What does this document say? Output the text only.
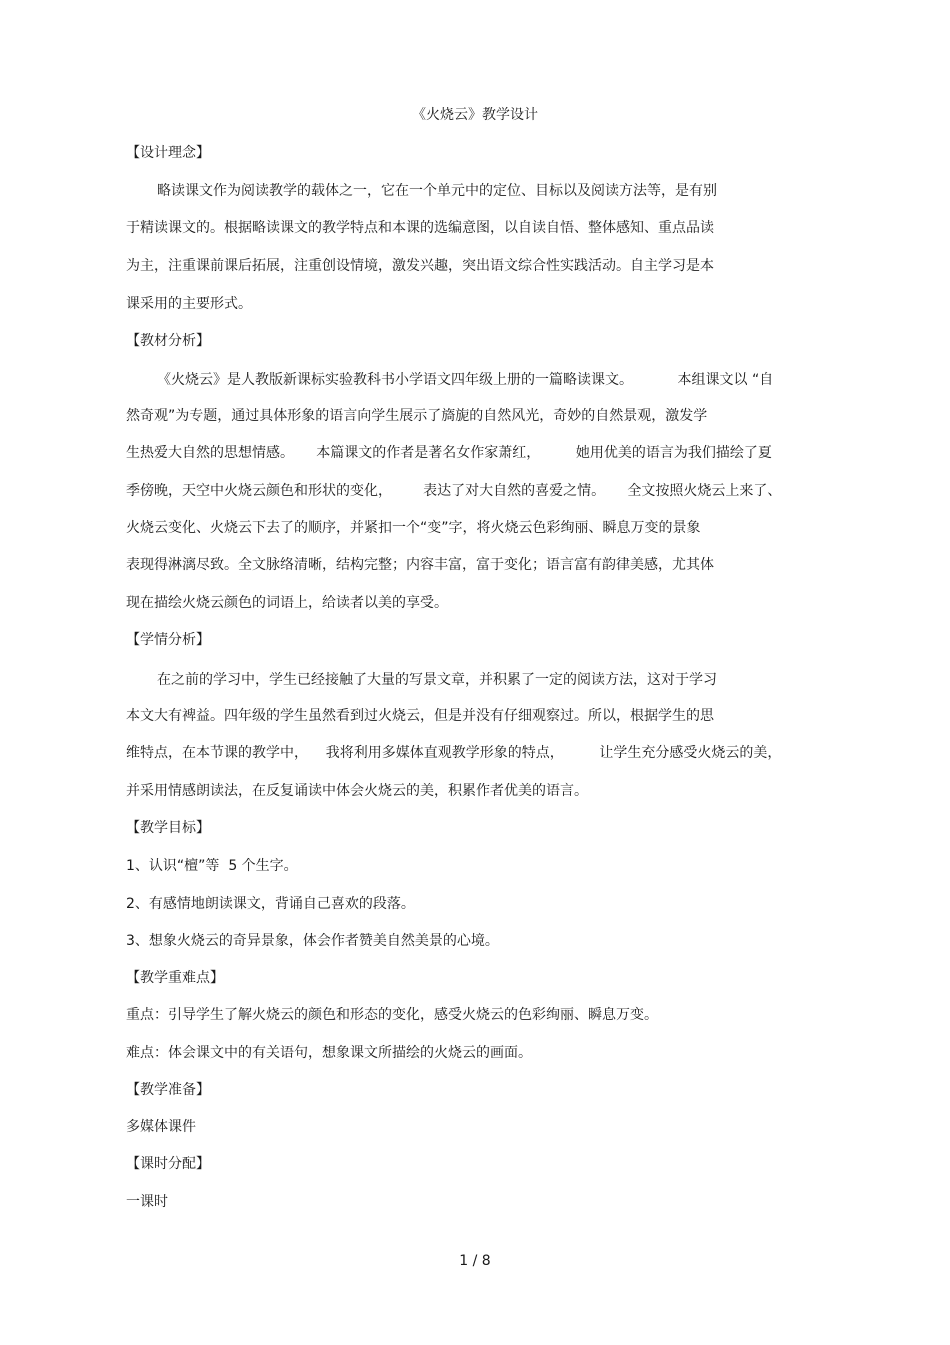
《火烧云》教学设计
【设计理念】
略读课文作为阅读教学的载体之一，它在一个单元中的定位、目标以及阅读方法等，是有别
于精读课文的。根据略读课文的教学特点和本课的选编意图，以自读自悟、整体感知、重点品读
为主，注重课前课后拓展，注重创设情境，激发兴趣，突出语文综合性实践活动。自主学习是本
课采用的主要形式。
【教材分析】
《火烧云》是人教版新课标实验教科书小学语文四年级上册的一篇略读课文。          本组课文以 “自
然奇观”为专题，通过具体形象的语言向学生展示了旖旎的自然风光，奇妙的自然景观，激发学
生热爱大自然的思想情感。     本篇课文的作者是著名女作家萧红，        她用优美的语言为我们描绘了夏
季傍晚，天空中火烧云颜色和形状的变化，       表达了对大自然的喜爱之情。     全文按照火烧云上来了、
火烧云变化、火烧云下去了的顺序，并紧扣一个“变”字，将火烧云色彩绚丽、瞬息万变的景象
表现得淋漓尽致。全文脉络清晰，结构完整；内容丰富，富于变化；语言富有韵律美感，尤其体
现在描绘火烧云颜色的词语上，给读者以美的享受。
【学情分析】
在之前的学习中，学生已经接触了大量的写景文章，并积累了一定的阅读方法，这对于学习
本文大有裨益。四年级的学生虽然看到过火烧云，但是并没有仔细观察过。所以，根据学生的思
维特点，在本节课的教学中，    我将利用多媒体直观教学形象的特点，        让学生充分感受火烧云的美，
并采用情感朗读法，在反复诵读中体会火烧云的美，积累作者优美的语言。
【教学目标】
1、认识“檀”等  5 个生字。
2、有感情地朗读课文，背诵自己喜欢的段落。
3、想象火烧云的奇异景象，体会作者赞美自然美景的心境。
【教学重难点】
重点：引导学生了解火烧云的颜色和形态的变化，感受火烧云的色彩绚丽、瞬息万变。
难点：体会课文中的有关语句，想象课文所描绘的火烧云的画面。
【教学准备】
多媒体课件
【课时分配】
一课时
1 / 8
